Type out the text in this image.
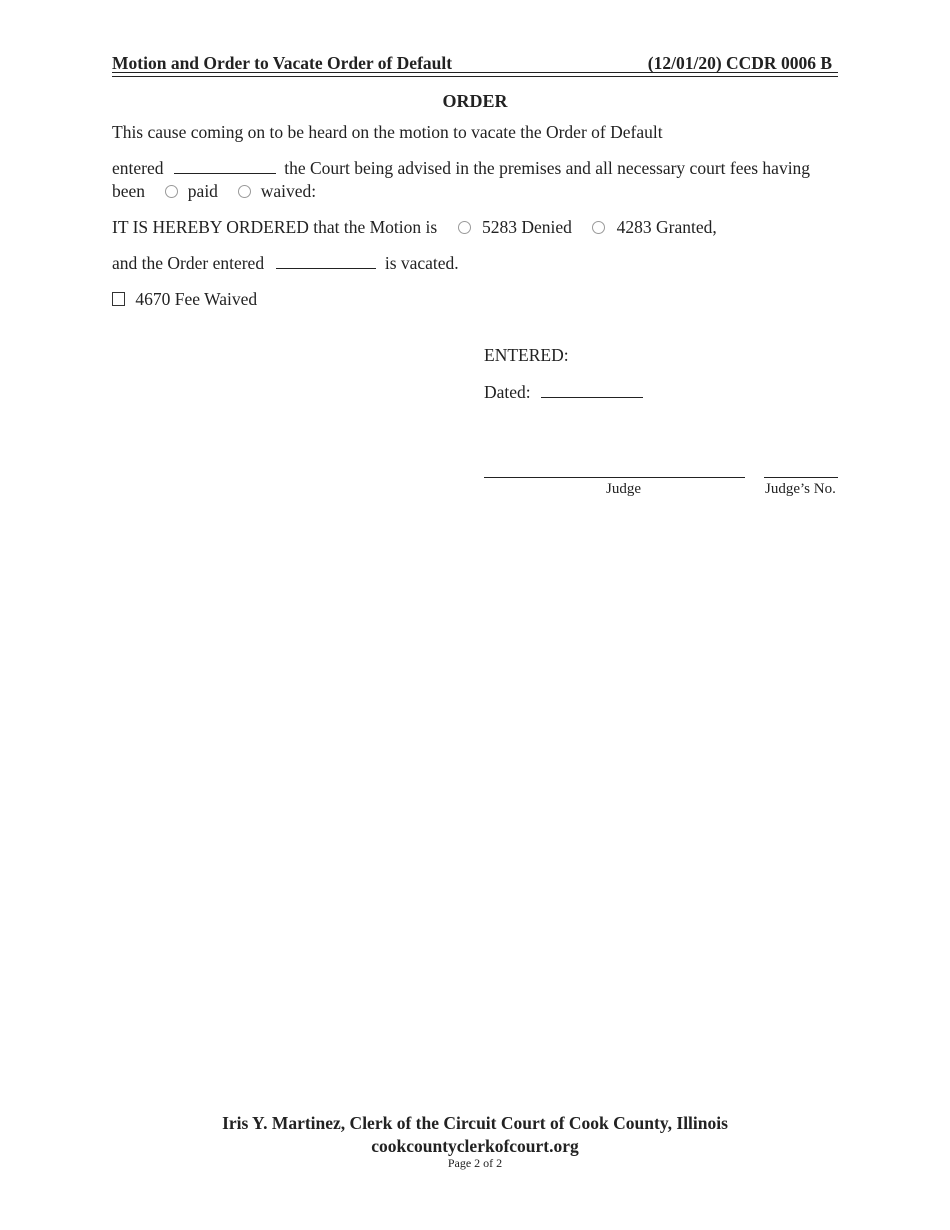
Motion and Order to Vacate Order of Default	(12/01/20) CCDR 0006 B
ORDER
This cause coming on to be heard on the motion to vacate the Order of Default
entered	the Court being advised in the premises and all necessary court fees having
been paid waived:
IT IS HEREBY ORDERED that the Motion is	5283 Denied	4283 Granted,
and the Order entered	is vacated.
4670 Fee Waived
ENTERED:
Dated:
Judge	Judge’s No.
Iris Y. Martinez, Clerk of the Circuit Court of Cook County, Illinois
cookcountyclerkofcourt.org
Page 2 of 2
